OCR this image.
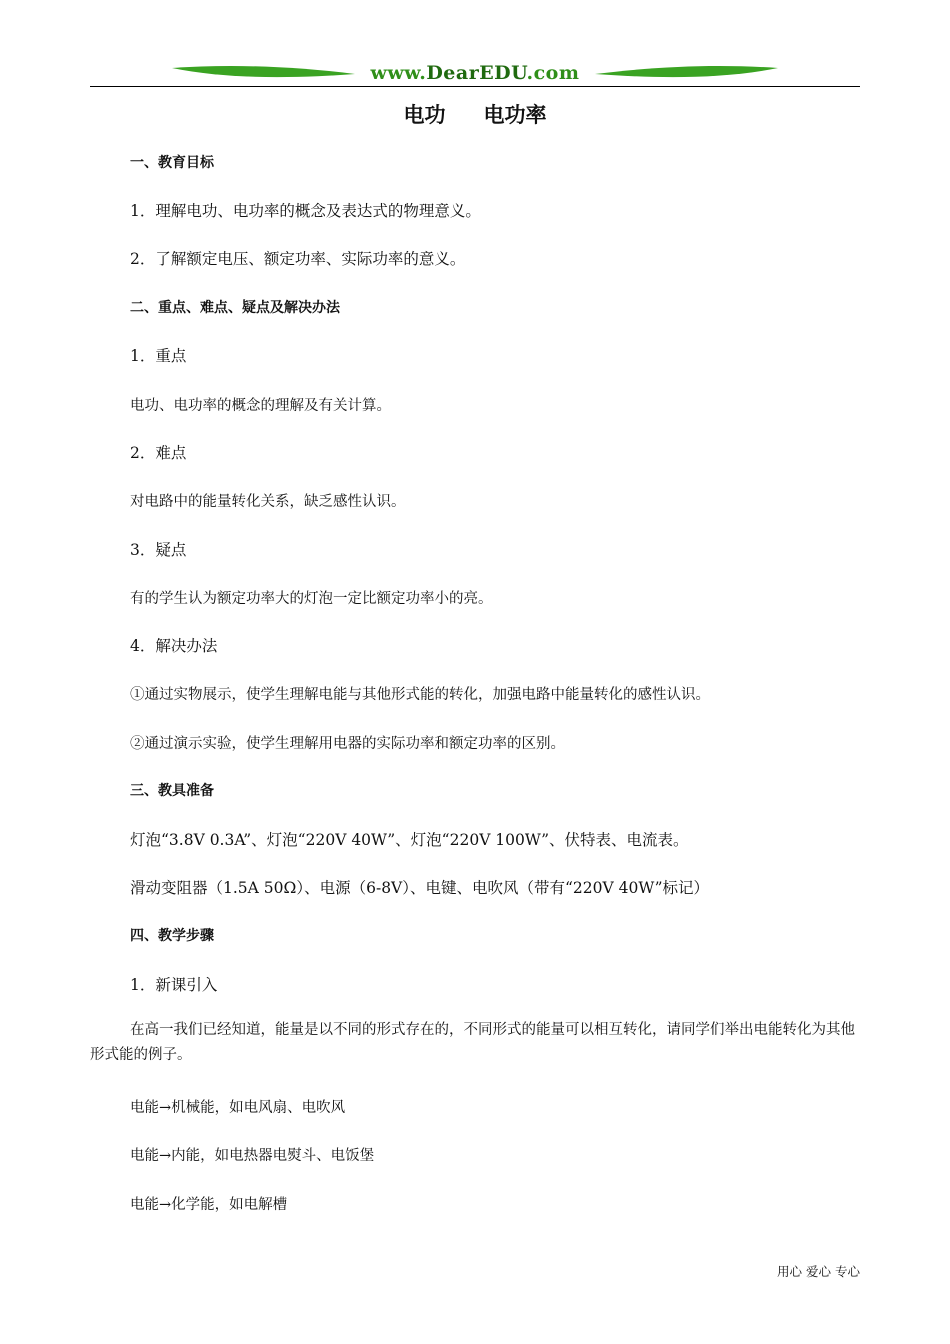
www.DearEDU.com
电功 电功率
一、教育目标
1．理解电功、电功率的概念及表达式的物理意义。
2．了解额定电压、额定功率、实际功率的意义。
二、重点、难点、疑点及解决办法
1．重点
电功、电功率的概念的理解及有关计算。
2．难点
对电路中的能量转化关系，缺乏感性认识。
3．疑点
有的学生认为额定功率大的灯泡一定比额定功率小的亮。
4．解决办法
①通过实物展示，使学生理解电能与其他形式能的转化，加强电路中能量转化的感性认识。
②通过演示实验，使学生理解用电器的实际功率和额定功率的区别。
三、教具准备
灯泡“3.8V 0.3A”、灯泡“220V 40W”、灯泡“220V 100W”、伏特表、电流表。
滑动变阻器（1.5A 50Ω）、电源（6-8V）、电键、电吹风（带有“220V 40W”标记）
四、教学步骤
1．新课引入
在高一我们已经知道，能量是以不同的形式存在的，不同形式的能量可以相互转化，请同学们举出电能转化为其他形式能的例子。
电能→机械能，如电风扇、电吹风
电能→内能，如电热器电熨斗、电饭堡
电能→化学能，如电解槽
用心 爱心 专心
